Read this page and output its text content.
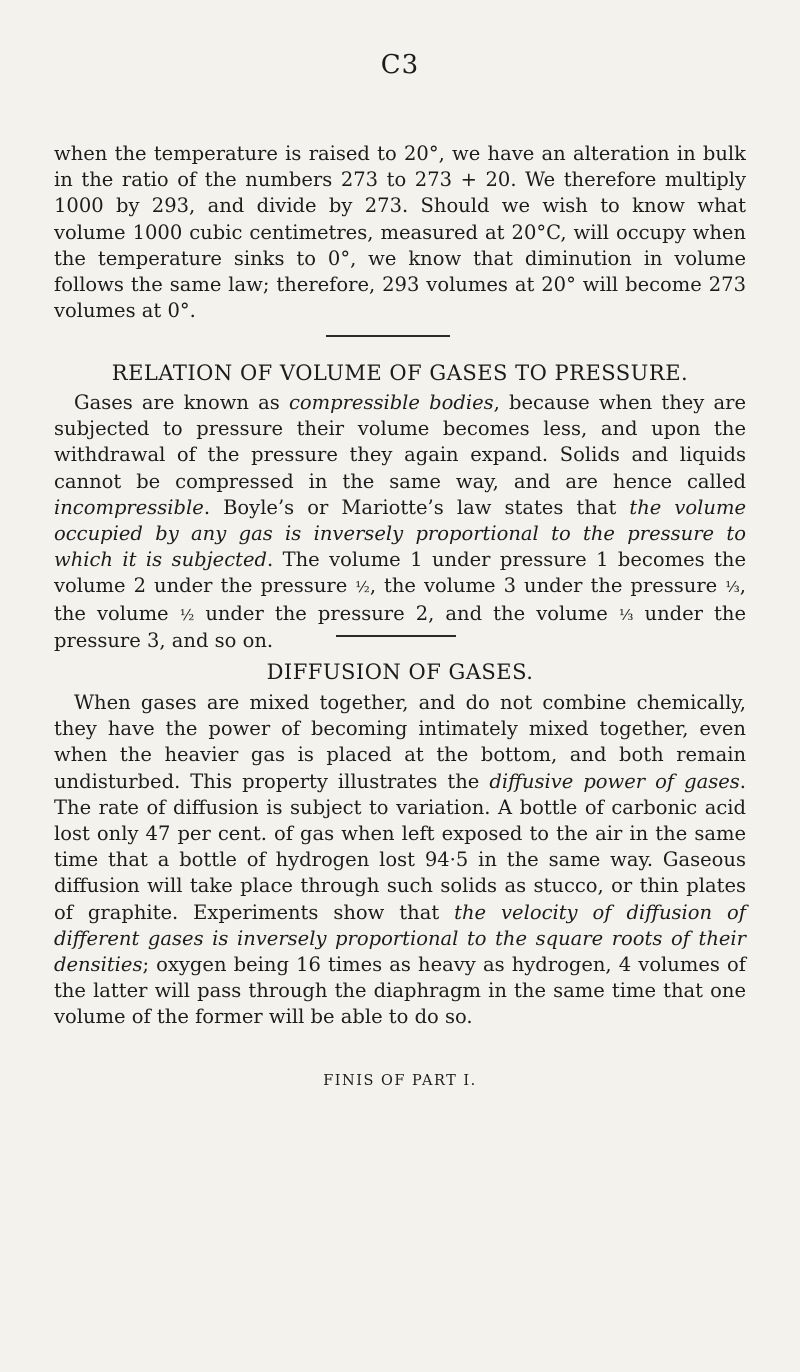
C3

when the temperature is raised to 20°, we have an alteration in bulk in the ratio of the numbers 273 to 273 + 20. We therefore multiply 1000 by 293, and divide by 273. Should we wish to know what volume 1000 cubic centimetres, measured at 20°C, will occupy when the temperature sinks to 0°, we know that diminution in volume follows the same law; therefore, 293 volumes at 20° will become 273 volumes at 0°.

RELATION OF VOLUME OF GASES TO PRESSURE.

Gases are known as compressible bodies, because when they are subjected to pressure their volume becomes less, and upon the withdrawal of the pressure they again expand. Solids and liquids cannot be compressed in the same way, and are hence called incompressible. Boyle’s or Mariotte’s law states that the volume occupied by any gas is inversely proportional to the pressure to which it is subjected. The volume 1 under pressure 1 becomes the volume 2 under the pressure ½, the volume 3 under the pressure ⅓, the volume ½ under the pressure 2, and the volume ⅓ under the pressure 3, and so on.

DIFFUSION OF GASES.

When gases are mixed together, and do not combine chemically, they have the power of becoming intimately mixed together, even when the heavier gas is placed at the bottom, and both remain undisturbed. This property illustrates the diffusive power of gases. The rate of diffusion is subject to variation. A bottle of carbonic acid lost only 47 per cent. of gas when left exposed to the air in the same time that a bottle of hydrogen lost 94·5 in the same way. Gaseous diffusion will take place through such solids as stucco, or thin plates of graphite. Experiments show that the velocity of diffusion of different gases is inversely proportional to the square roots of their densities; oxygen being 16 times as heavy as hydrogen, 4 volumes of the latter will pass through the diaphragm in the same time that one volume of the former will be able to do so.

FINIS OF PART I.
